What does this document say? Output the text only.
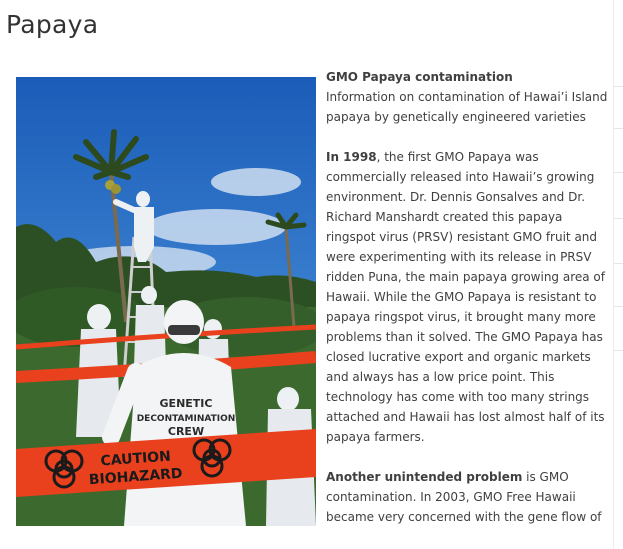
Papaya
GENETIC
DECONTAMINATION
CREW
CAUTION
BIOHAZARD

GMO Papaya contamination
Information on contamination of Hawai’i Island papaya by genetically engineered varieties

In 1998, the first GMO Papaya was commercially released into Hawaii’s growing environment. Dr. Dennis Gonsalves and Dr. Richard Manshardt created this papaya ringspot virus (PRSV) resistant GMO fruit and were experimenting with its release in PRSV ridden Puna, the main papaya growing area of Hawaii. While the GMO Papaya is resistant to papaya ringspot virus, it brought many more problems than it solved. The GMO Papaya has closed lucrative export and organic markets and always has a low price point. This technology has come with too many strings attached and Hawaii has lost almost half of its papaya farmers.

Another unintended problem is GMO contamination. In 2003, GMO Free Hawaii became very concerned with the gene flow of
